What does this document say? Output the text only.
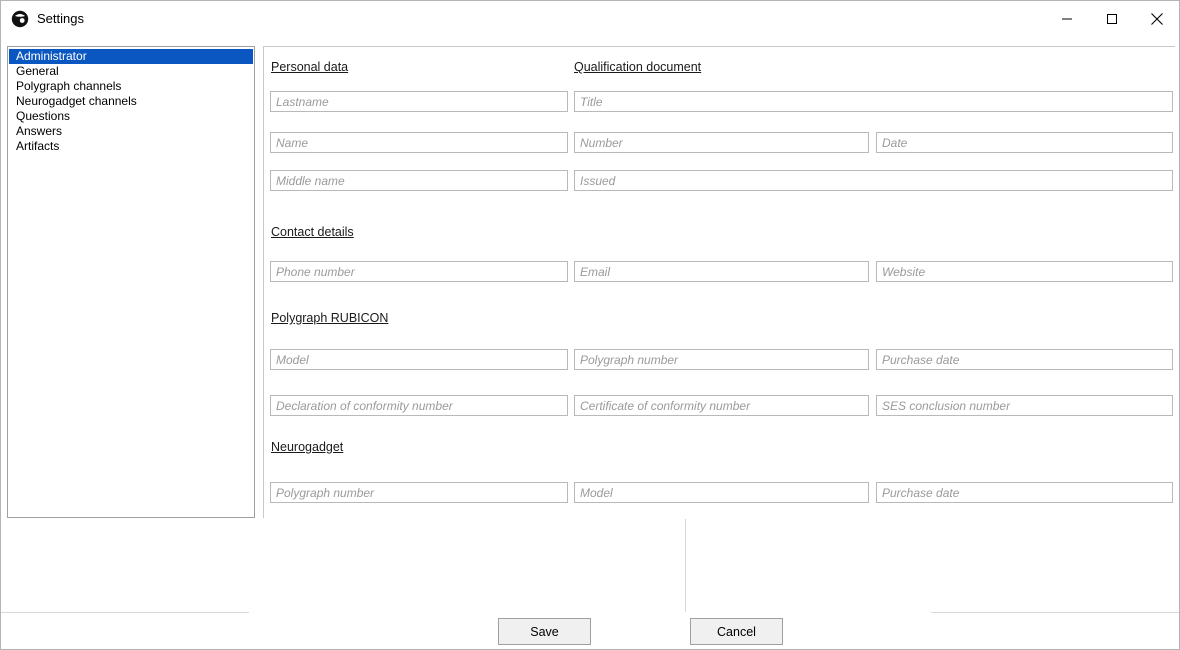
Settings
Administrator
General
Polygraph channels
Neurogadget channels
Questions
Answers
Artifacts
Personal data
Lastname
Name
Middle name	Qualification document
Title
Number
Date
Issued
Contact details
Phone number
Email
Website
Polygraph RUBICON
Model
Polygraph number
Purchase date
Declaration of conformity number
Certificate of conformity number
SES conclusion number
Neurogadget
Polygraph number
Model
Purchase date
Save	Cancel
